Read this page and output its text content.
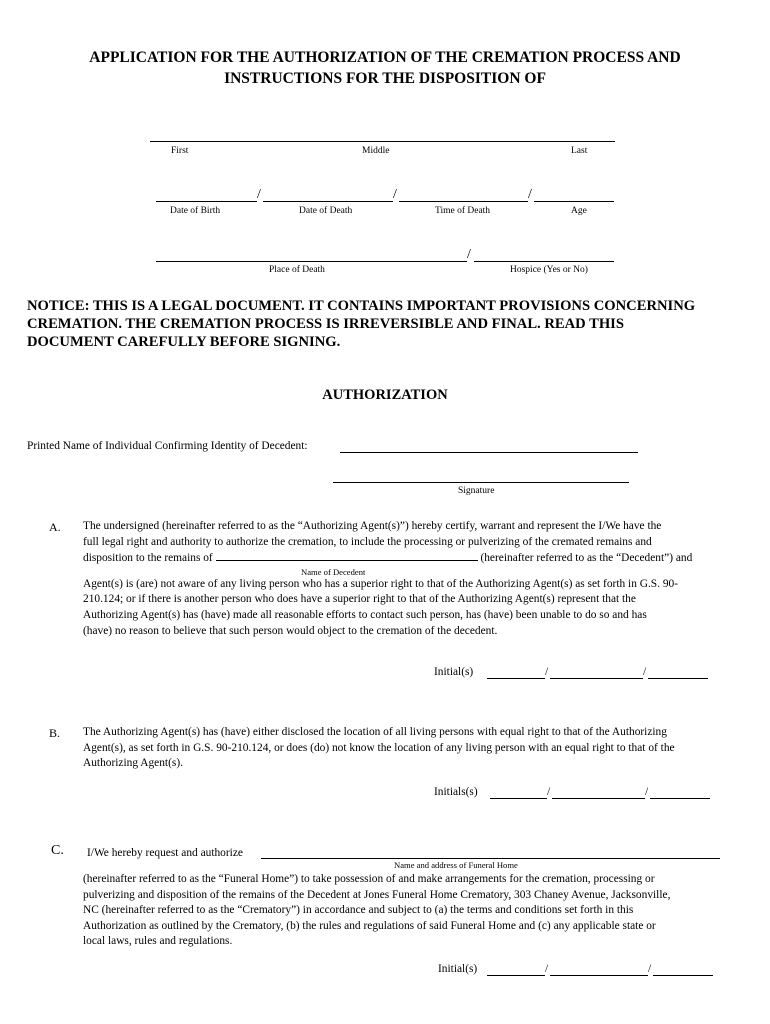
APPLICATION FOR THE AUTHORIZATION OF THE CREMATION PROCESS AND
INSTRUCTIONS FOR THE DISPOSITION OF
First	Middle	Last
/	/	/
Date of Birth	Date of Death	Time of Death	Age
/
Place of Death	Hospice (Yes or No)
NOTICE: THIS IS A LEGAL DOCUMENT. IT CONTAINS IMPORTANT PROVISIONS CONCERNING
CREMATION. THE CREMATION PROCESS IS IRREVERSIBLE AND FINAL. READ THIS
DOCUMENT CAREFULLY BEFORE SIGNING.
AUTHORIZATION
Printed Name of Individual Confirming Identity of Decedent:
Signature
A. The undersigned (hereinafter referred to as the “Authorizing Agent(s)”) hereby certify, warrant and represent the I/We have the
full legal right and authority to authorize the cremation, to include the processing or pulverizing of the cremated remains and
disposition to the remains of	(hereinafter referred to as the “Decedent”) and
Name of Decedent
Agent(s) is (are) not aware of any living person who has a superior right to that of the Authorizing Agent(s) as set forth in G.S. 90-
210.124; or if there is another person who does have a superior right to that of the Authorizing Agent(s) represent that the
Authorizing Agent(s) has (have) made all reasonable efforts to contact such person, has (have) been unable to do so and has
(have) no reason to believe that such person would object to the cremation of the decedent.
Initial(s)	/	/
B. The Authorizing Agent(s) has (have) either disclosed the location of all living persons with equal right to that of the Authorizing
Agent(s), as set forth in G.S. 90-210.124, or does (do) not know the location of any living person with an equal right to that of the
Authorizing Agent(s).
Initials(s)	/	/
C. I/We hereby request and authorize
Name and address of Funeral Home
(hereinafter referred to as the “Funeral Home”) to take possession of and make arrangements for the cremation, processing or
pulverizing and disposition of the remains of the Decedent at Jones Funeral Home Crematory, 303 Chaney Avenue, Jacksonville,
NC (hereinafter referred to as the “Crematory”) in accordance and subject to (a) the terms and conditions set forth in this
Authorization as outlined by the Crematory, (b) the rules and regulations of said Funeral Home and (c) any applicable state or
local laws, rules and regulations.
Initial(s)	/	/
